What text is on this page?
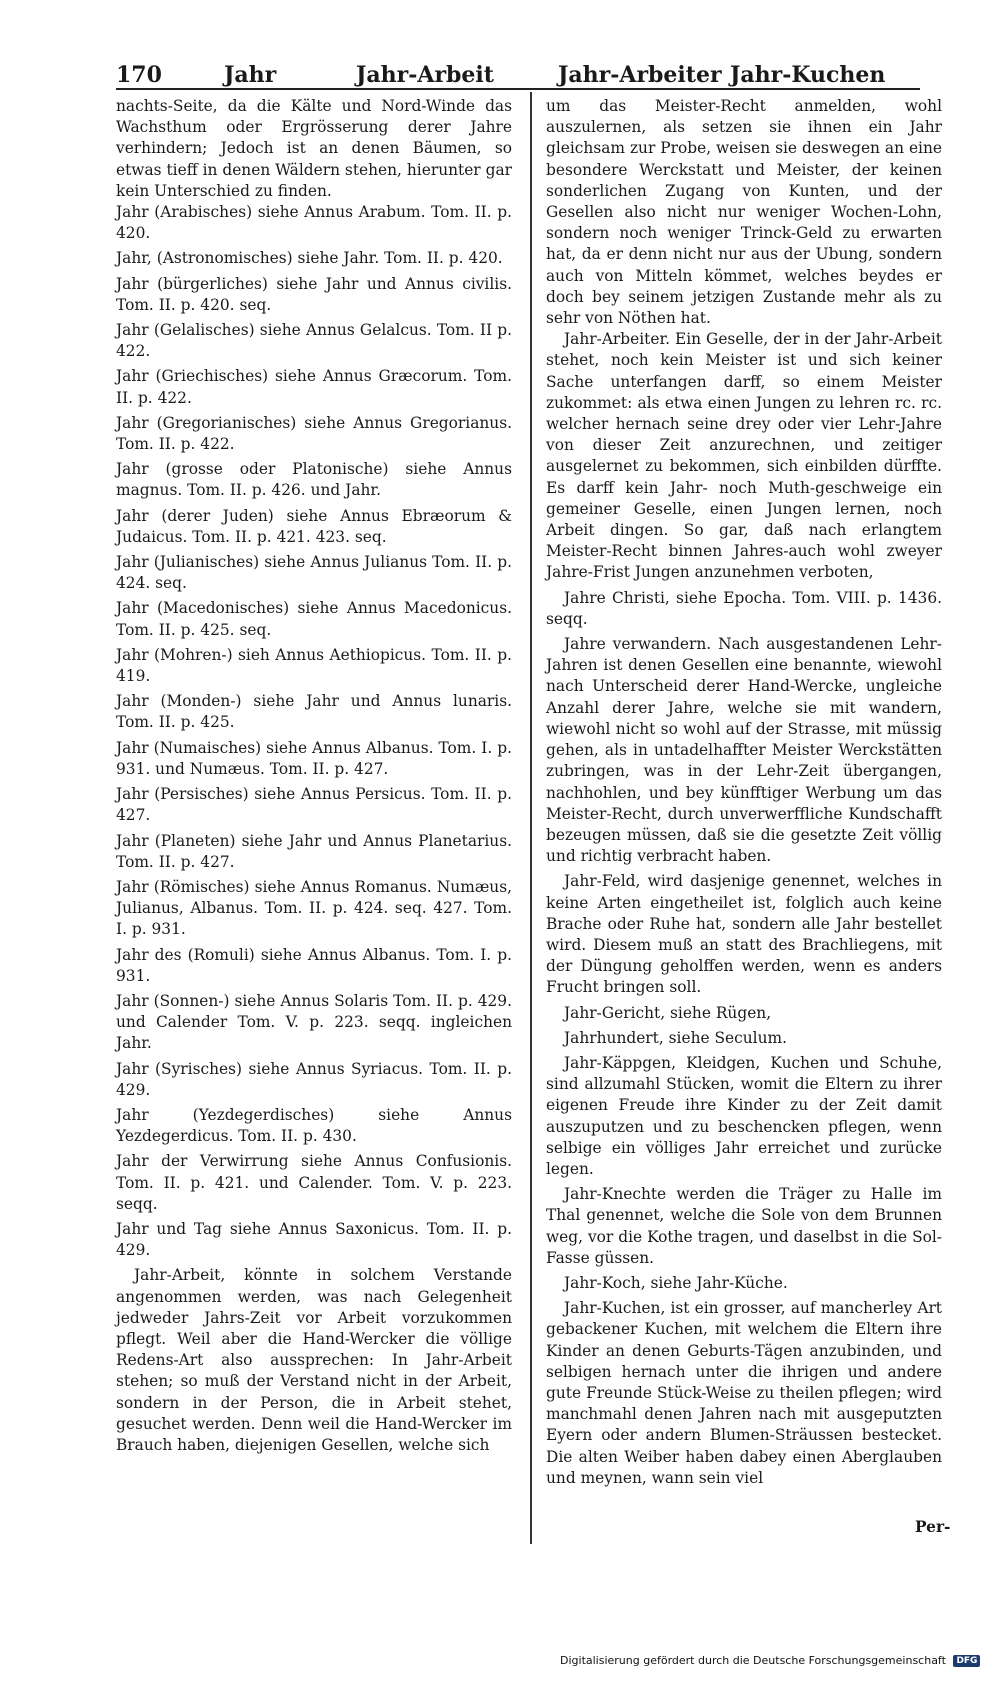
170	Jahr	Jahr-Arbeit	Jahr-Arbeiter Jahr-Kuchen

nachts-Seite, da die Kälte und Nord-Winde das Wachsthum oder Ergrösserung derer Jahre verhindern; Jedoch ist an denen Bäumen, so etwas tieff in denen Wäldern stehen, hierunter gar kein Unterschied zu finden.

Jahr (Arabisches) siehe Annus Arabum. Tom. II. p. 420.

Jahr, (Astronomisches) siehe Jahr. Tom. II. p. 420.

Jahr (bürgerliches) siehe Jahr und Annus civilis. Tom. II. p. 420. seq.

Jahr (Gelalisches) siehe Annus Gelalcus. Tom. II p. 422.

Jahr (Griechisches) siehe Annus Græcorum. Tom. II. p. 422.

Jahr (Gregorianisches) siehe Annus Gregorianus. Tom. II. p. 422.

Jahr (grosse oder Platonische) siehe Annus magnus. Tom. II. p. 426. und Jahr.

Jahr (derer Juden) siehe Annus Ebræorum & Judaicus. Tom. II. p. 421. 423. seq.

Jahr (Julianisches) siehe Annus Julianus Tom. II. p. 424. seq.

Jahr (Macedonisches) siehe Annus Macedonicus. Tom. II. p. 425. seq.

Jahr (Mohren-) sieh Annus Aethiopicus. Tom. II. p. 419.

Jahr (Monden-) siehe Jahr und Annus lunaris. Tom. II. p. 425.

Jahr (Numaisches) siehe Annus Albanus. Tom. I. p. 931. und Numæus. Tom. II. p. 427.

Jahr (Persisches) siehe Annus Persicus. Tom. II. p. 427.

Jahr (Planeten) siehe Jahr und Annus Planetarius. Tom. II. p. 427.

Jahr (Römisches) siehe Annus Romanus. Numæus, Julianus, Albanus. Tom. II. p. 424. seq. 427. Tom. I. p. 931.

Jahr des (Romuli) siehe Annus Albanus. Tom. I. p. 931.

Jahr (Sonnen-) siehe Annus Solaris Tom. II. p. 429. und Calender Tom. V. p. 223. seqq. ingleichen Jahr.

Jahr (Syrisches) siehe Annus Syriacus. Tom. II. p. 429.

Jahr (Yezdegerdisches) siehe Annus Yezdegerdicus. Tom. II. p. 430.

Jahr der Verwirrung siehe Annus Confusionis. Tom. II. p. 421. und Calender. Tom. V. p. 223. seqq.

Jahr und Tag siehe Annus Saxonicus. Tom. II. p. 429.

Jahr-Arbeit, könnte in solchem Verstande angenommen werden, was nach Gelegenheit jedweder Jahrs-Zeit vor Arbeit vorzukommen pflegt. Weil aber die Hand-Wercker die völlige Redens-Art also aussprechen: In Jahr-Arbeit stehen; so muß der Verstand nicht in der Arbeit, sondern in der Person, die in Arbeit stehet, gesuchet werden. Denn weil die Hand-Wercker im Brauch haben, diejenigen Gesellen, welche sich

um das Meister-Recht anmelden, wohl auszulernen, als setzen sie ihnen ein Jahr gleichsam zur Probe, weisen sie deswegen an eine besondere Werckstatt und Meister, der keinen sonderlichen Zugang von Kunten, und der Gesellen also nicht nur weniger Wochen-Lohn, sondern noch weniger Trinck-Geld zu erwarten hat, da er denn nicht nur aus der Ubung, sondern auch von Mitteln kömmet, welches beydes er doch bey seinem jetzigen Zustande mehr als zu sehr von Nöthen hat.

Jahr-Arbeiter. Ein Geselle, der in der Jahr-Arbeit stehet, noch kein Meister ist und sich keiner Sache unterfangen darff, so einem Meister zukommet: als etwa einen Jungen zu lehren rc. rc. welcher hernach seine drey oder vier Lehr-Jahre von dieser Zeit anzurechnen, und zeitiger ausgelernet zu bekommen, sich einbilden dürffte. Es darff kein Jahr- noch Muth-geschweige ein gemeiner Geselle, einen Jungen lernen, noch Arbeit dingen. So gar, daß nach erlangtem Meister-Recht binnen Jahres-auch wohl zweyer Jahre-Frist Jungen anzunehmen verboten,

Jahre Christi, siehe Epocha. Tom. VIII. p. 1436. seqq.

Jahre verwandern. Nach ausgestandenen Lehr-Jahren ist denen Gesellen eine benannte, wiewohl nach Unterscheid derer Hand-Wercke, ungleiche Anzahl derer Jahre, welche sie mit wandern, wiewohl nicht so wohl auf der Strasse, mit müssig gehen, als in untadelhaffter Meister Werckstätten zubringen, was in der Lehr-Zeit übergangen, nachhohlen, und bey künfftiger Werbung um das Meister-Recht, durch unverwerffliche Kundschafft bezeugen müssen, daß sie die gesetzte Zeit völlig und richtig verbracht haben.

Jahr-Feld, wird dasjenige genennet, welches in keine Arten eingetheilet ist, folglich auch keine Brache oder Ruhe hat, sondern alle Jahr bestellet wird. Diesem muß an statt des Brachliegens, mit der Düngung geholffen werden, wenn es anders Frucht bringen soll.

Jahr-Gericht, siehe Rügen,

Jahrhundert, siehe Seculum.

Jahr-Käppgen, Kleidgen, Kuchen und Schuhe, sind allzumahl Stücken, womit die Eltern zu ihrer eigenen Freude ihre Kinder zu der Zeit damit auszuputzen und zu beschencken pflegen, wenn selbige ein völliges Jahr erreichet und zurücke legen.

Jahr-Knechte werden die Träger zu Halle im Thal genennet, welche die Sole von dem Brunnen weg, vor die Kothe tragen, und daselbst in die Sol-Fasse güssen.

Jahr-Koch, siehe Jahr-Küche.

Jahr-Kuchen, ist ein grosser, auf mancherley Art gebackener Kuchen, mit welchem die Eltern ihre Kinder an denen Geburts-Tägen anzubinden, und selbigen hernach unter die ihrigen und andere gute Freunde Stück-Weise zu theilen pflegen; wird manchmahl denen Jahren nach mit ausgeputzten Eyern oder andern Blumen-Sträussen bestecket. Die alten Weiber haben dabey einen Aberglauben und meynen, wann sein viel

Per-
Digitalisierung gefördert durch die Deutsche Forschungsgemeinschaft DFG
